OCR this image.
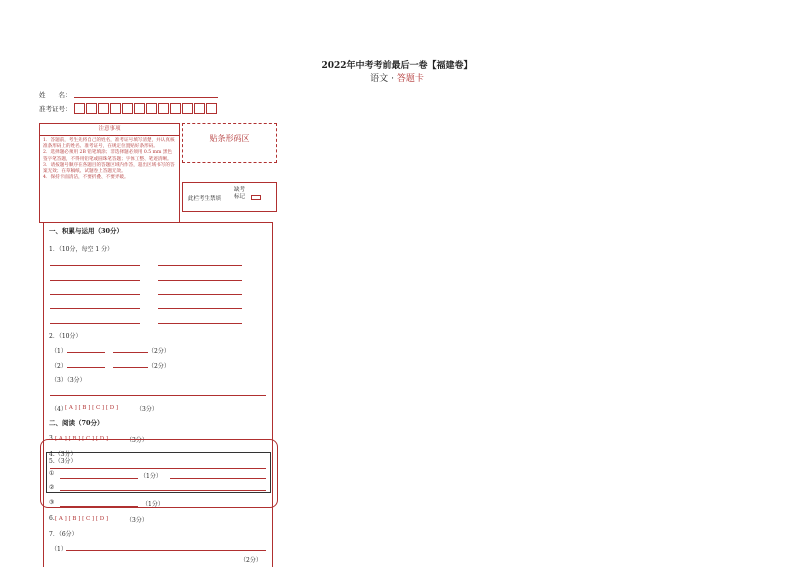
2022年中考考前最后一卷【福建卷】
语文 · 答题卡
姓　　名：
准考证号：
注意事项
1．答题前，考生先将自己的姓名，准考证号填写清楚，并认真核准条形码上的姓名、准考证号，在规定位置贴好条形码。
2．选择题必须用 2B 铅笔填涂；非选择题必须用 0.5 mm 黑色签字笔答题，不得用铅笔或圆珠笔答题；字体工整、笔迹清晰。
3．请按题号顺序在各题目的答题区域内作答，超出区域书写的答案无效；在草稿纸、试题卷上答题无效。
4．保持卡面清洁，不要折叠、不要弄破。
贴条形码区
此栏考生禁填
缺考
标记
一、积累与运用（30分）
1．（10分，每空 1 分）
2．（10分）
（1）	（2分）
（2）	（2分）
（3）（3分）
（4）
[ A ] [ B ] [ C ] [ D ]	（3分）
二、阅读（70分）
3. [ A ] [ B ] [ C ] [ D ]	（3分）
4.（3分）
5.（3分）
①	（1分）
②
③	（1分）
6. [ A ] [ B ] [ C ] [ D ]	（3分）
7．（6分）
（1）
（2分）
